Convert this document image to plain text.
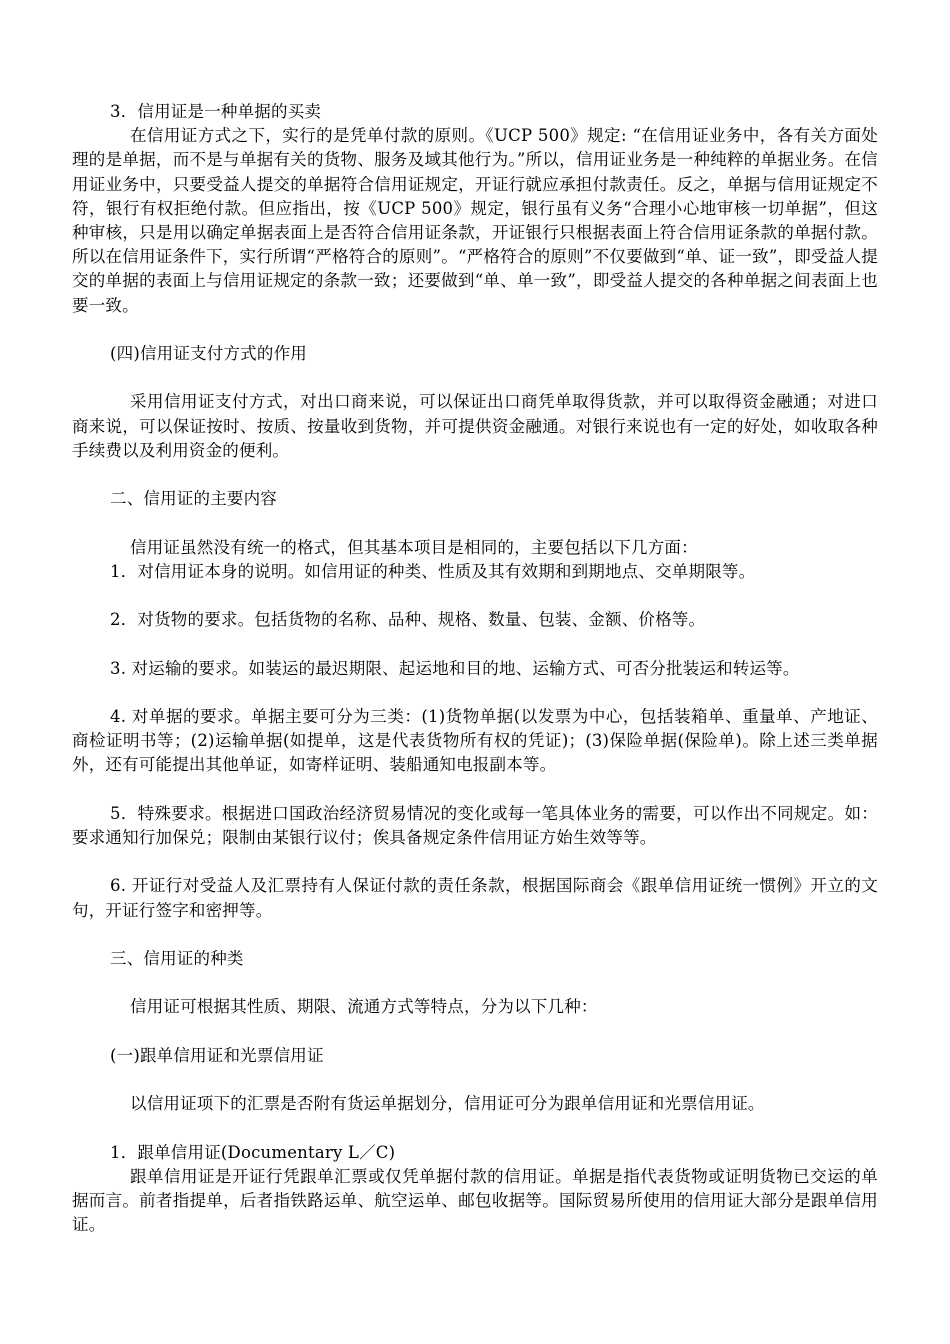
3．信用证是一种单据的买卖

在信用证方式之下，实行的是凭单付款的原则。《UCP 500》规定: “在信用证业务中，各有关方面处理的是单据，而不是与单据有关的货物、服务及域其他行为。”所以，信用证业务是一种纯粹的单据业务。在信用证业务中，只要受益人提交的单据符合信用证规定，开证行就应承担付款责任。反之，单据与信用证规定不符，银行有权拒绝付款。但应指出，按《UCP 500》规定，银行虽有义务“合理小心地审核一切单据”，但这种审核，只是用以确定单据表面上是否符合信用证条款，开证银行只根据表面上符合信用证条款的单据付款。所以在信用证条件下，实行所谓“严格符合的原则”。“严格符合的原则”不仅要做到“单、证一致”，即受益人提交的单据的表面上与信用证规定的条款一致；还要做到“单、单一致”，即受益人提交的各种单据之间表面上也要一致。

(四)信用证支付方式的作用

采用信用证支付方式，对出口商来说，可以保证出口商凭单取得货款，并可以取得资金融通；对进口商来说，可以保证按时、按质、按量收到货物，并可提供资金融通。对银行来说也有一定的好处，如收取各种手续费以及利用资金的便利。

二、信用证的主要内容

信用证虽然没有统一的格式，但其基本项目是相同的，主要包括以下几方面：

1．对信用证本身的说明。如信用证的种类、性质及其有效期和到期地点、交单期限等。

2．对货物的要求。包括货物的名称、品种、规格、数量、包装、金额、价格等。

3. 对运输的要求。如装运的最迟期限、起运地和目的地、运输方式、可否分批装运和转运等。

4. 对单据的要求。单据主要可分为三类：(1)货物单据(以发票为中心，包括装箱单、重量单、产地证、商检证明书等；(2)运输单据(如提单，这是代表货物所有权的凭证)；(3)保险单据(保险单)。除上述三类单据外，还有可能提出其他单证，如寄样证明、装船通知电报副本等。

5．特殊要求。根据进口国政治经济贸易情况的变化或每一笔具体业务的需要，可以作出不同规定。如：要求通知行加保兑；限制由某银行议付；俟具备规定条件信用证方始生效等等。

6. 开证行对受益人及汇票持有人保证付款的责任条款，根据国际商会《跟单信用证统一惯例》开立的文句，开证行签字和密押等。

三、信用证的种类

信用证可根据其性质、期限、流通方式等特点，分为以下几种：

(一)跟单信用证和光票信用证

以信用证项下的汇票是否附有货运单据划分，信用证可分为跟单信用证和光票信用证。

1．跟单信用证(Documentary L／C)

跟单信用证是开证行凭跟单汇票或仅凭单据付款的信用证。单据是指代表货物或证明货物已交运的单据而言。前者指提单，后者指铁路运单、航空运单、邮包收据等。国际贸易所使用的信用证大部分是跟单信用证。
